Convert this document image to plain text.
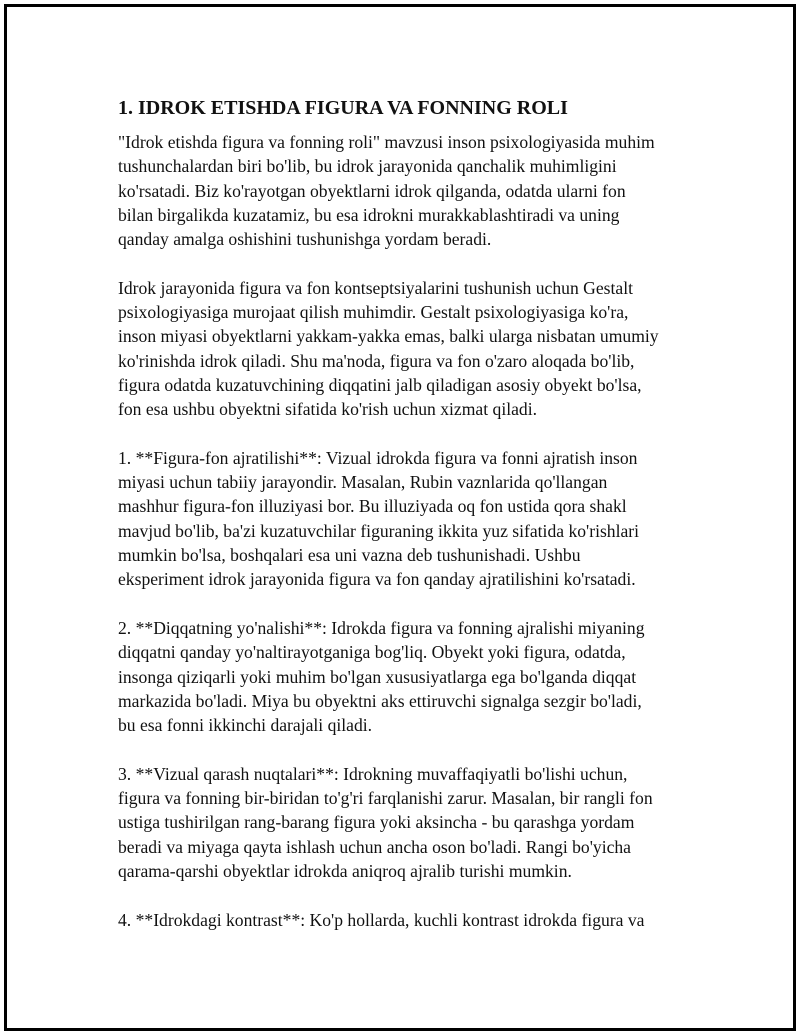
1. IDROK ETISHDA FIGURA VA FONNING ROLI
"Idrok etishda figura va fonning roli" mavzusi inson psixologiyasida muhim
tushunchalardan biri bo'lib, bu idrok jarayonida qanchalik muhimligini
ko'rsatadi. Biz ko'rayotgan obyektlarni idrok qilganda, odatda ularni fon
bilan birgalikda kuzatamiz, bu esa idrokni murakkablashtiradi va uning
qanday amalga oshishini tushunishga yordam beradi.
Idrok jarayonida figura va fon kontseptsiyalarini tushunish uchun Gestalt
psixologiyasiga murojaat qilish muhimdir. Gestalt psixologiyasiga ko'ra,
inson miyasi obyektlarni yakkam-yakka emas, balki ularga nisbatan umumiy
ko'rinishda idrok qiladi. Shu ma'noda, figura va fon o'zaro aloqada bo'lib,
figura odatda kuzatuvchining diqqatini jalb qiladigan asosiy obyekt bo'lsa,
fon esa ushbu obyektni sifatida ko'rish uchun xizmat qiladi.
1. **Figura-fon ajratilishi**: Vizual idrokda figura va fonni ajratish inson
miyasi uchun tabiiy jarayondir. Masalan, Rubin vaznlarida qo'llangan
mashhur figura-fon illuziyasi bor. Bu illuziyada oq fon ustida qora shakl
mavjud bo'lib, ba'zi kuzatuvchilar figuraning ikkita yuz sifatida ko'rishlari
mumkin bo'lsa, boshqalari esa uni vazna deb tushunishadi. Ushbu
eksperiment idrok jarayonida figura va fon qanday ajratilishini ko'rsatadi.
2. **Diqqatning yo'nalishi**: Idrokda figura va fonning ajralishi miyaning
diqqatni qanday yo'naltirayotganiga bog'liq. Obyekt yoki figura, odatda,
insonga qiziqarli yoki muhim bo'lgan xususiyatlarga ega bo'lganda diqqat
markazida bo'ladi. Miya bu obyektni aks ettiruvchi signalga sezgir bo'ladi,
bu esa fonni ikkinchi darajali qiladi.
3. **Vizual qarash nuqtalari**: Idrokning muvaffaqiyatli bo'lishi uchun,
figura va fonning bir-biridan to'g'ri farqlanishi zarur. Masalan, bir rangli fon
ustiga tushirilgan rang-barang figura yoki aksincha - bu qarashga yordam
beradi va miyaga qayta ishlash uchun ancha oson bo'ladi. Rangi bo'yicha
qarama-qarshi obyektlar idrokda aniqroq ajralib turishi mumkin.
4. **Idrokdagi kontrast**: Ko'p hollarda, kuchli kontrast idrokda figura va
